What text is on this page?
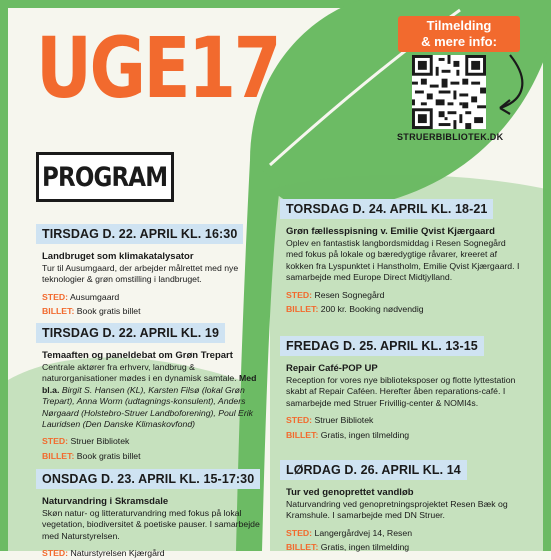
UGE17
PROGRAM
Tilmelding
& mere info:
STRUERBIBLIOTEK.DK
TIRSDAG D. 22. APRIL KL. 16:30
Landbruget som klimakatalysator
Tur til Ausumgaard, der arbejder målrettet med nye teknologier & grøn omstilling i landbruget.
STED: Ausumgaard
BILLET: Book gratis billet
TIRSDAG D. 22. APRIL KL. 19
Temaaften og paneldebat om Grøn Trepart
Centrale aktører fra erhverv, landbrug & naturorganisationer mødes i en dynamisk samtale. Med bl.a. Birgit S. Hansen (KL), Karsten Filsø (lokal Grøn Trepart), Anna Worm (udtagnings-konsulent), Anders Nørgaard (Holstebro-Struer Landboforening), Poul Erik Lauridsen (Den Danske Klimaskovfond)
STED: Struer Bibliotek
BILLET: Book gratis billet
ONSDAG D. 23. APRIL KL. 15-17:30
Naturvandring i Skramsdale
Skøn natur- og litteraturvandring med fokus på lokal vegetation, biodiversitet & poetiske pauser. I samarbejde med Naturstyrelsen.
STED: Naturstyrelsen Kjærgård
TORSDAG D. 24. APRIL KL. 18-21
Grøn fællesspisning v. Emilie Qvist Kjærgaard
Oplev en fantastisk langbordsmiddag i Resen Sognegård med fokus på lokale og bæredygtige råvarer, kreeret af kokken fra Lyspunktet i Hanstholm, Emilie Qvist Kjærgaard. I samarbejde med Europe Direct Midtjylland.
STED: Resen Sognegård
BILLET: 200 kr. Booking nødvendig
FREDAG D. 25. APRIL KL. 13-15
Repair Café-POP UP
Reception for vores nye biblioteksposer og flotte lyttestation skabt af Repair Caféen. Herefter åben reparations-café. I samarbejde med Struer Frivillig-center & NOMI4s.
STED: Struer Bibliotek
BILLET: Gratis, ingen tilmelding
LØRDAG D. 26. APRIL KL. 14
Tur ved genoprettet vandløb
Naturvandring ved genopretningsprojektet Resen Bæk og Kramshule. I samarbejde med DN Struer.
STED: Langergårdvej 14, Resen
BILLET: Gratis, ingen tilmelding
